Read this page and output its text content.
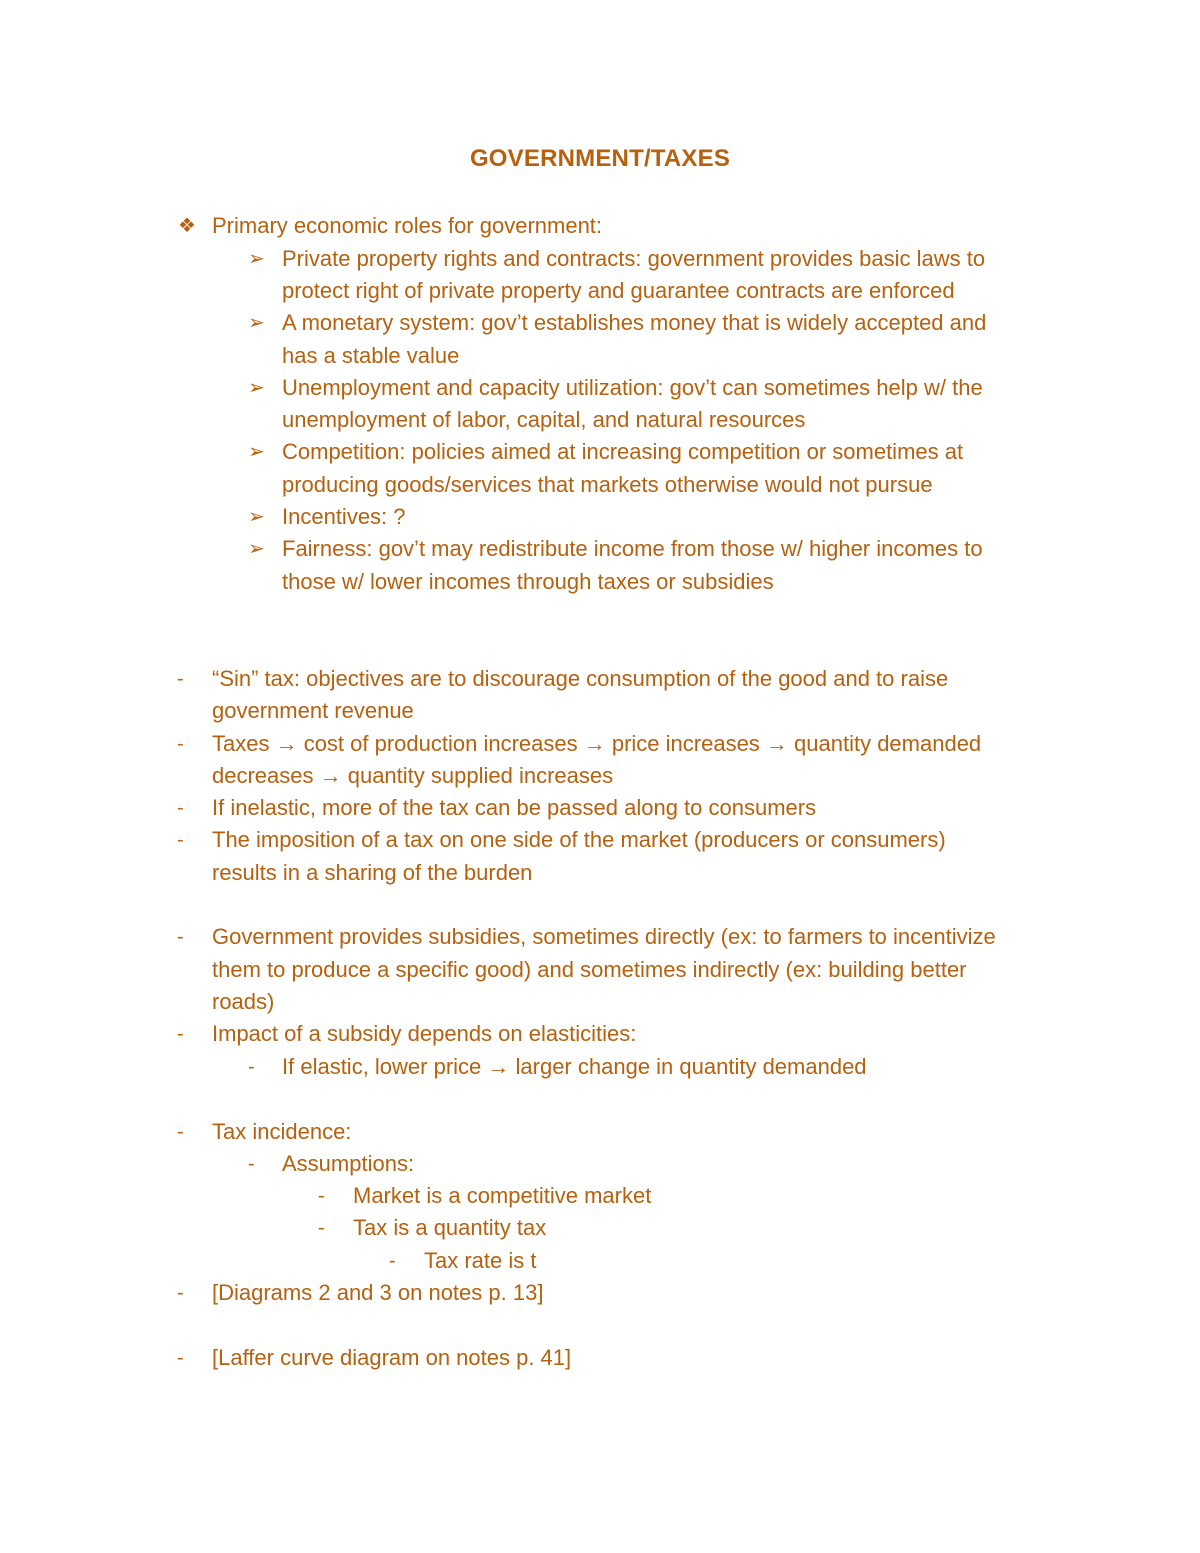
GOVERNMENT/TAXES
❖ Primary economic roles for government:
➢ Private property rights and contracts: government provides basic laws to
protect right of private property and guarantee contracts are enforced
➢ A monetary system: gov’t establishes money that is widely accepted and
has a stable value
➢ Unemployment and capacity utilization: gov’t can sometimes help w/ the
unemployment of labor, capital, and natural resources
➢ Competition: policies aimed at increasing competition or sometimes at
producing goods/services that markets otherwise would not pursue
➢ Incentives: ?
➢ Fairness: gov’t may redistribute income from those w/ higher incomes to
those w/ lower incomes through taxes or subsidies
- “Sin” tax: objectives are to discourage consumption of the good and to raise
government revenue
- Taxes → cost of production increases → price increases → quantity demanded
decreases → quantity supplied increases
- If inelastic, more of the tax can be passed along to consumers
- The imposition of a tax on one side of the market (producers or consumers)
results in a sharing of the burden
- Government provides subsidies, sometimes directly (ex: to farmers to incentivize
them to produce a specific good) and sometimes indirectly (ex: building better
roads)
- Impact of a subsidy depends on elasticities:
- If elastic, lower price → larger change in quantity demanded
- Tax incidence:
- Assumptions:
- Market is a competitive market
- Tax is a quantity tax
- Tax rate is t
- [Diagrams 2 and 3 on notes p. 13]
- [Laffer curve diagram on notes p. 41]
